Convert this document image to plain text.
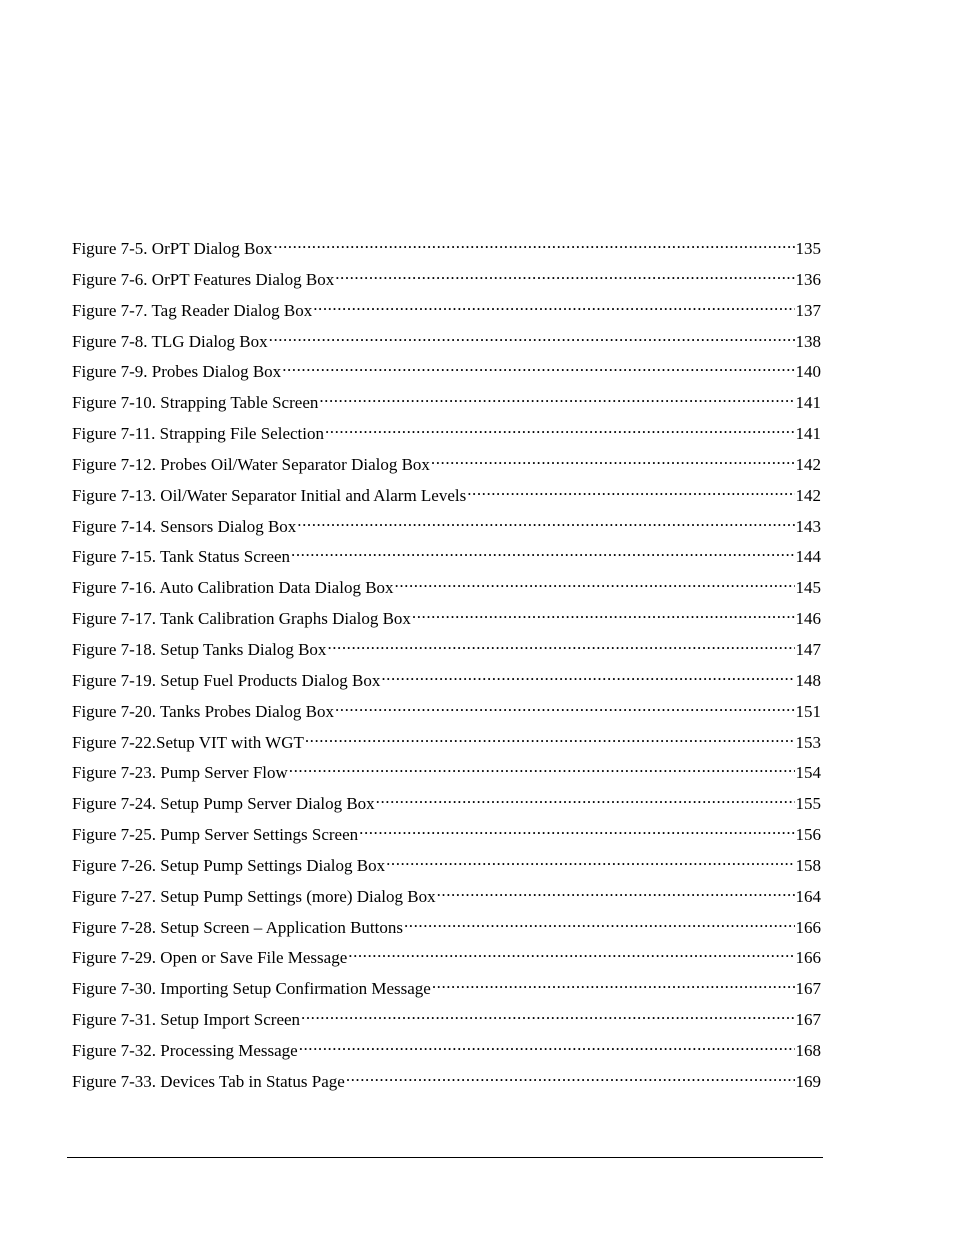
Figure 7-5. OrPT Dialog Box . . .	135
Figure 7-6. OrPT Features Dialog Box . . .	136
Figure 7-7. Tag Reader Dialog Box . . .	137
Figure 7-8. TLG Dialog Box . . .	138
Figure 7-9. Probes Dialog Box . . .	140
Figure 7-10. Strapping Table Screen . . .	141
Figure 7-11. Strapping File Selection . . .	141
Figure 7-12. Probes Oil/Water Separator Dialog Box . . .	142
Figure 7-13. Oil/Water Separator Initial and Alarm Levels . . .	142
Figure 7-14. Sensors Dialog Box . . .	143
Figure 7-15. Tank Status Screen . . .	144
Figure 7-16. Auto Calibration Data Dialog Box . . .	145
Figure 7-17. Tank Calibration Graphs Dialog Box . . .	146
Figure 7-18. Setup Tanks Dialog Box . . .	147
Figure 7-19. Setup Fuel Products Dialog Box . . .	148
Figure 7-20. Tanks Probes Dialog Box . . .	151
Figure 7-22.Setup VIT with WGT . . .	153
Figure 7-23. Pump Server Flow . . .	154
Figure 7-24. Setup Pump Server Dialog Box . . .	155
Figure 7-25. Pump Server Settings Screen . . .	156
Figure 7-26. Setup Pump Settings Dialog Box . . .	158
Figure 7-27. Setup Pump Settings (more) Dialog Box . . .	164
Figure 7-28. Setup Screen – Application Buttons . . .	166
Figure 7-29. Open or Save File Message . . .	166
Figure 7-30. Importing Setup Confirmation Message . . .	167
Figure 7-31. Setup Import Screen . . .	167
Figure 7-32. Processing Message . . .	168
Figure 7-33. Devices Tab in Status Page . . .	169
